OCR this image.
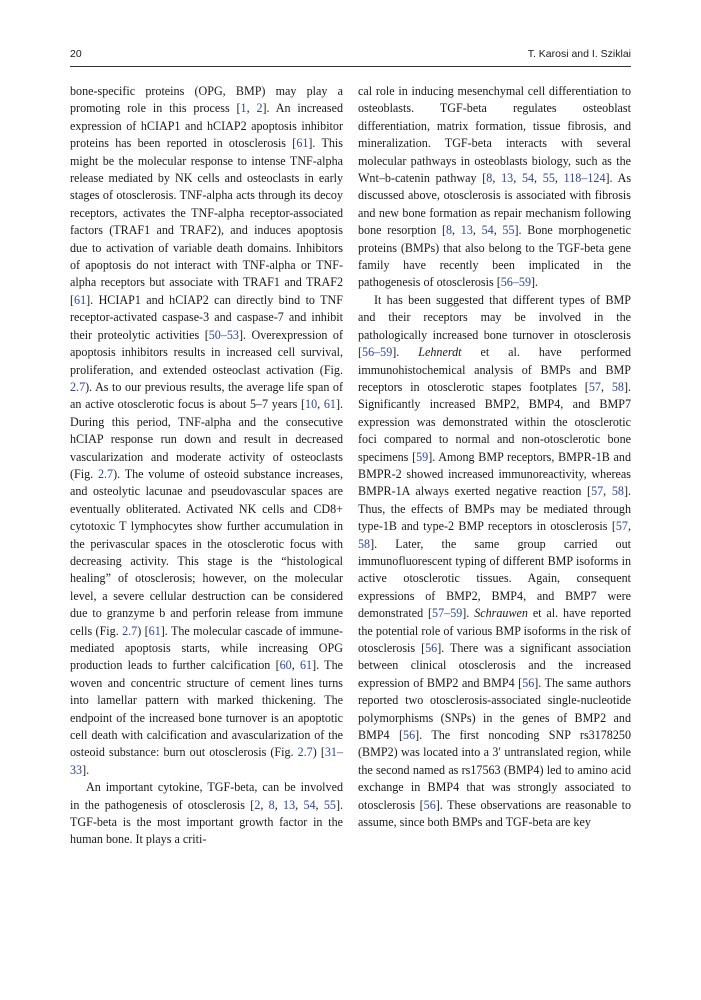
20	T. Karosi and I. Sziklai

bone-specific proteins (OPG, BMP) may play a promoting role in this process [1, 2]. An increased expression of hCIAP1 and hCIAP2 apoptosis inhibitor proteins has been reported in otosclerosis [61]. This might be the molecular response to intense TNF-alpha release mediated by NK cells and osteoclasts in early stages of otosclerosis. TNF-alpha acts through its decoy receptors, activates the TNF-alpha receptor-associated factors (TRAF1 and TRAF2), and induces apoptosis due to activation of variable death domains. Inhibitors of apoptosis do not interact with TNF-alpha or TNF-alpha receptors but associate with TRAF1 and TRAF2 [61]. HCIAP1 and hCIAP2 can directly bind to TNF receptor-activated caspase-3 and caspase-7 and inhibit their proteolytic activities [50–53]. Overexpression of apoptosis inhibitors results in increased cell survival, proliferation, and extended osteoclast activation (Fig. 2.7). As to our previous results, the average life span of an active otosclerotic focus is about 5–7 years [10, 61]. During this period, TNF-alpha and the consecutive hCIAP response run down and result in decreased vascularization and moderate activity of osteoclasts (Fig. 2.7). The volume of osteoid substance increases, and osteolytic lacunae and pseudovascular spaces are eventually obliterated. Activated NK cells and CD8+ cytotoxic T lymphocytes show further accumulation in the perivascular spaces in the otosclerotic focus with decreasing activity. This stage is the “histological healing” of otosclerosis; however, on the molecular level, a severe cellular destruction can be considered due to granzyme b and perforin release from immune cells (Fig. 2.7) [61]. The molecular cascade of immune-mediated apoptosis starts, while increasing OPG production leads to further calcification [60, 61]. The woven and concentric structure of cement lines turns into lamellar pattern with marked thickening. The endpoint of the increased bone turnover is an apoptotic cell death with calcification and avascularization of the osteoid substance: burn out otosclerosis (Fig. 2.7) [31–33].

An important cytokine, TGF-beta, can be involved in the pathogenesis of otosclerosis [2, 8, 13, 54, 55]. TGF-beta is the most important growth factor in the human bone. It plays a criti-

cal role in inducing mesenchymal cell differentiation to osteoblasts. TGF-beta regulates osteoblast differentiation, matrix formation, tissue fibrosis, and mineralization. TGF-beta interacts with several molecular pathways in osteoblasts biology, such as the Wnt–b-catenin pathway [8, 13, 54, 55, 118–124]. As discussed above, otosclerosis is associated with fibrosis and new bone formation as repair mechanism following bone resorption [8, 13, 54, 55]. Bone morphogenetic proteins (BMPs) that also belong to the TGF-beta gene family have recently been implicated in the pathogenesis of otosclerosis [56–59].

It has been suggested that different types of BMP and their receptors may be involved in the pathologically increased bone turnover in otosclerosis [56–59]. Lehnerdt et al. have performed immunohistochemical analysis of BMPs and BMP receptors in otosclerotic stapes footplates [57, 58]. Significantly increased BMP2, BMP4, and BMP7 expression was demonstrated within the otosclerotic foci compared to normal and non-otosclerotic bone specimens [59]. Among BMP receptors, BMPR-1B and BMPR-2 showed increased immunoreactivity, whereas BMPR-1A always exerted negative reaction [57, 58]. Thus, the effects of BMPs may be mediated through type-1B and type-2 BMP receptors in otosclerosis [57, 58]. Later, the same group carried out immunofluorescent typing of different BMP isoforms in active otosclerotic tissues. Again, consequent expressions of BMP2, BMP4, and BMP7 were demonstrated [57–59]. Schrauwen et al. have reported the potential role of various BMP isoforms in the risk of otosclerosis [56]. There was a significant association between clinical otosclerosis and the increased expression of BMP2 and BMP4 [56]. The same authors reported two otosclerosis-associated single-nucleotide polymorphisms (SNPs) in the genes of BMP2 and BMP4 [56]. The first noncoding SNP rs3178250 (BMP2) was located into a 3′ untranslated region, while the second named as rs17563 (BMP4) led to amino acid exchange in BMP4 that was strongly associated to otosclerosis [56]. These observations are reasonable to assume, since both BMPs and TGF-beta are key
